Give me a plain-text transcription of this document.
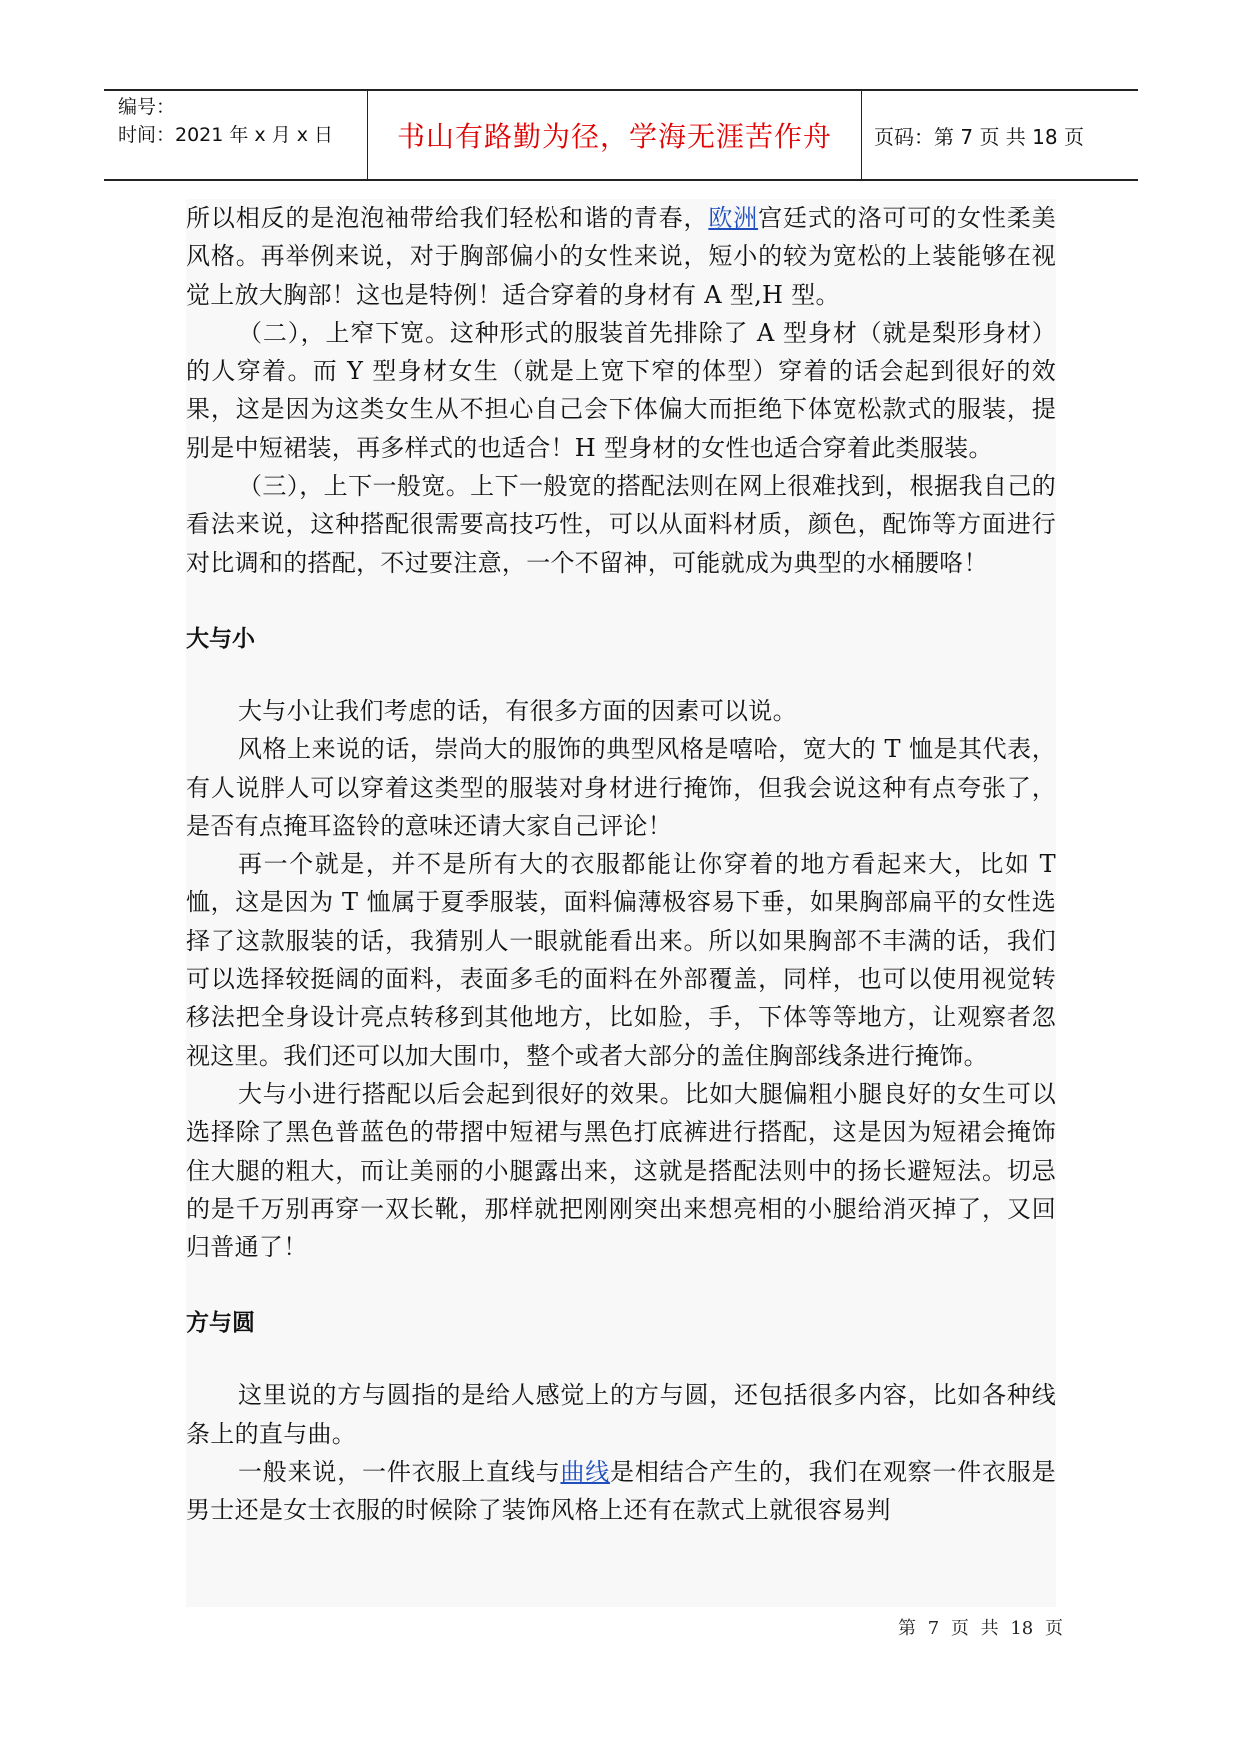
编号：
时间：2021 年 x 月 x 日	书山有路勤为径，学海无涯苦作舟	页码：第 7 页 共 18 页

所以相反的是泡泡袖带给我们轻松和谐的青春，欧洲宫廷式的洛可可的女性柔美风格。再举例来说，对于胸部偏小的女性来说，短小的较为宽松的上装能够在视觉上放大胸部！这也是特例！适合穿着的身材有 A 型,H 型。

（二），上窄下宽。这种形式的服装首先排除了 A 型身材（就是梨形身材）的人穿着。而 Y 型身材女生（就是上宽下窄的体型）穿着的话会起到很好的效果，这是因为这类女生从不担心自己会下体偏大而拒绝下体宽松款式的服装，提别是中短裙装，再多样式的也适合！H 型身材的女性也适合穿着此类服装。

（三），上下一般宽。上下一般宽的搭配法则在网上很难找到，根据我自己的看法来说，这种搭配很需要高技巧性，可以从面料材质，颜色，配饰等方面进行对比调和的搭配，不过要注意，一个不留神，可能就成为典型的水桶腰咯！

大与小

大与小让我们考虑的话，有很多方面的因素可以说。

风格上来说的话，崇尚大的服饰的典型风格是嘻哈，宽大的 T 恤是其代表，有人说胖人可以穿着这类型的服装对身材进行掩饰，但我会说这种有点夸张了，是否有点掩耳盗铃的意味还请大家自己评论！

再一个就是，并不是所有大的衣服都能让你穿着的地方看起来大，比如 T 恤，这是因为 T 恤属于夏季服装，面料偏薄极容易下垂，如果胸部扁平的女性选择了这款服装的话，我猜别人一眼就能看出来。所以如果胸部不丰满的话，我们可以选择较挺阔的面料，表面多毛的面料在外部覆盖，同样，也可以使用视觉转移法把全身设计亮点转移到其他地方，比如脸，手，下体等等地方，让观察者忽视这里。我们还可以加大围巾，整个或者大部分的盖住胸部线条进行掩饰。

大与小进行搭配以后会起到很好的效果。比如大腿偏粗小腿良好的女生可以选择除了黑色普蓝色的带摺中短裙与黑色打底裤进行搭配，这是因为短裙会掩饰住大腿的粗大，而让美丽的小腿露出来，这就是搭配法则中的扬长避短法。切忌的是千万别再穿一双长靴，那样就把刚刚突出来想亮相的小腿给消灭掉了，又回归普通了！

方与圆

这里说的方与圆指的是给人感觉上的方与圆，还包括很多内容，比如各种线条上的直与曲。

一般来说，一件衣服上直线与曲线是相结合产生的，我们在观察一件衣服是男士还是女士衣服的时候除了装饰风格上还有在款式上就很容易判

第 7 页 共 18 页
